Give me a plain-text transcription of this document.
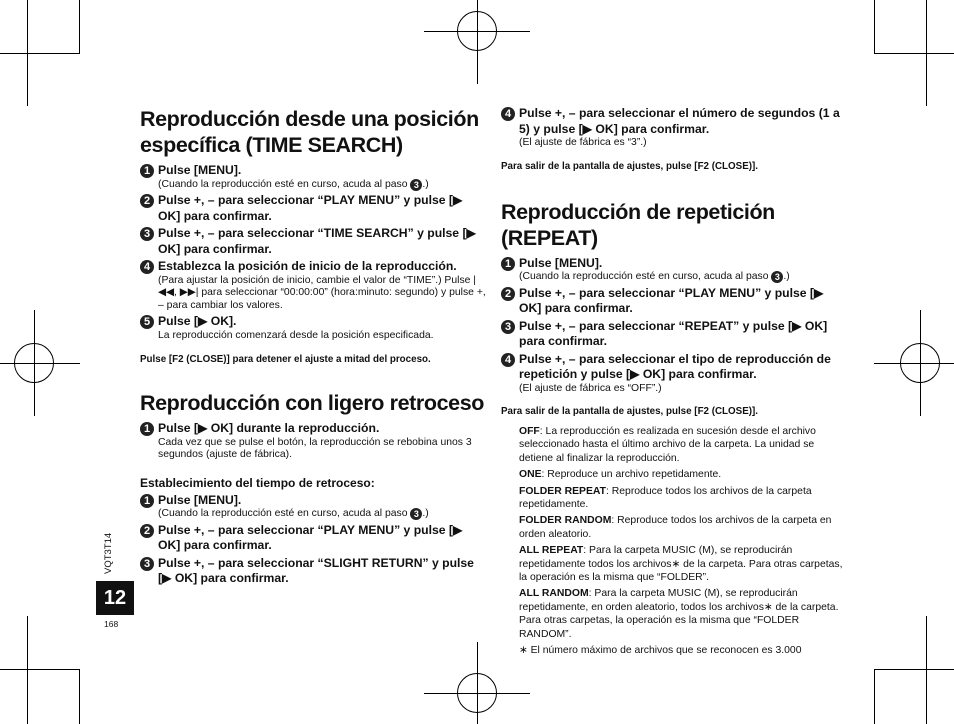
Reproducción desde una posición específica (TIME SEARCH)
1 Pulse [MENU].
(Cuando la reproducción esté en curso, acuda al paso 3 .)
2 Pulse +, – para seleccionar “PLAY MENU” y pulse [▶ OK] para confirmar.
3 Pulse +, – para seleccionar “TIME SEARCH” y pulse [▶ OK] para confirmar.
4 Establezca la posición de inicio de la reproducción.
(Para ajustar la posición de inicio, cambie el valor de “TIME”.) Pulse |◀◀, ▶▶| para seleccionar “00:00:00” (hora:minuto: segundo) y pulse +, – para cambiar los valores.
5 Pulse [▶ OK].
La reproducción comenzará desde la posición especificada.
Pulse [F2 (CLOSE)] para detener el ajuste a mitad del proceso.
Reproducción con ligero retroceso
1 Pulse [▶ OK] durante la reproducción.
Cada vez que se pulse el botón, la reproducción se rebobina unos 3 segundos (ajuste de fábrica).
Establecimiento del tiempo de retroceso:
1 Pulse [MENU].
(Cuando la reproducción esté en curso, acuda al paso 3 .)
2 Pulse +, – para seleccionar “PLAY MENU” y pulse [▶ OK] para confirmar.
3 Pulse +, – para seleccionar “SLIGHT RETURN” y pulse [▶ OK] para confirmar.
4 Pulse +, – para seleccionar el número de segundos (1 a 5) y pulse [▶ OK] para confirmar.
(El ajuste de fábrica es “3”.)
Para salir de la pantalla de ajustes, pulse [F2 (CLOSE)].
Reproducción de repetición (REPEAT)
1 Pulse [MENU].
(Cuando la reproducción esté en curso, acuda al paso 3 .)
2 Pulse +, – para seleccionar “PLAY MENU” y pulse [▶ OK] para confirmar.
3 Pulse +, – para seleccionar “REPEAT” y pulse [▶ OK] para confirmar.
4 Pulse +, – para seleccionar el tipo de reproducción de repetición y pulse [▶ OK] para confirmar.
(El ajuste de fábrica es “OFF”.)
Para salir de la pantalla de ajustes, pulse [F2 (CLOSE)].
OFF: La reproducción es realizada en sucesión desde el archivo seleccionado hasta el último archivo de la carpeta. La unidad se detiene al finalizar la reproducción.
ONE: Reproduce un archivo repetidamente.
FOLDER REPEAT: Reproduce todos los archivos de la carpeta repetidamente.
FOLDER RANDOM: Reproduce todos los archivos de la carpeta en orden aleatorio.
ALL REPEAT: Para la carpeta MUSIC (M), se reproducirán repetidamente todos los archivos∗ de la carpeta. Para otras carpetas, la operación es la misma que “FOLDER”.
ALL RANDOM: Para la carpeta MUSIC (M), se reproducirán repetidamente, en orden aleatorio, todos los archivos∗ de la carpeta. Para otras carpetas, la operación es la misma que “FOLDER RANDOM”.
∗ El número máximo de archivos que se reconocen es 3.000
VQT3T14
12
168
